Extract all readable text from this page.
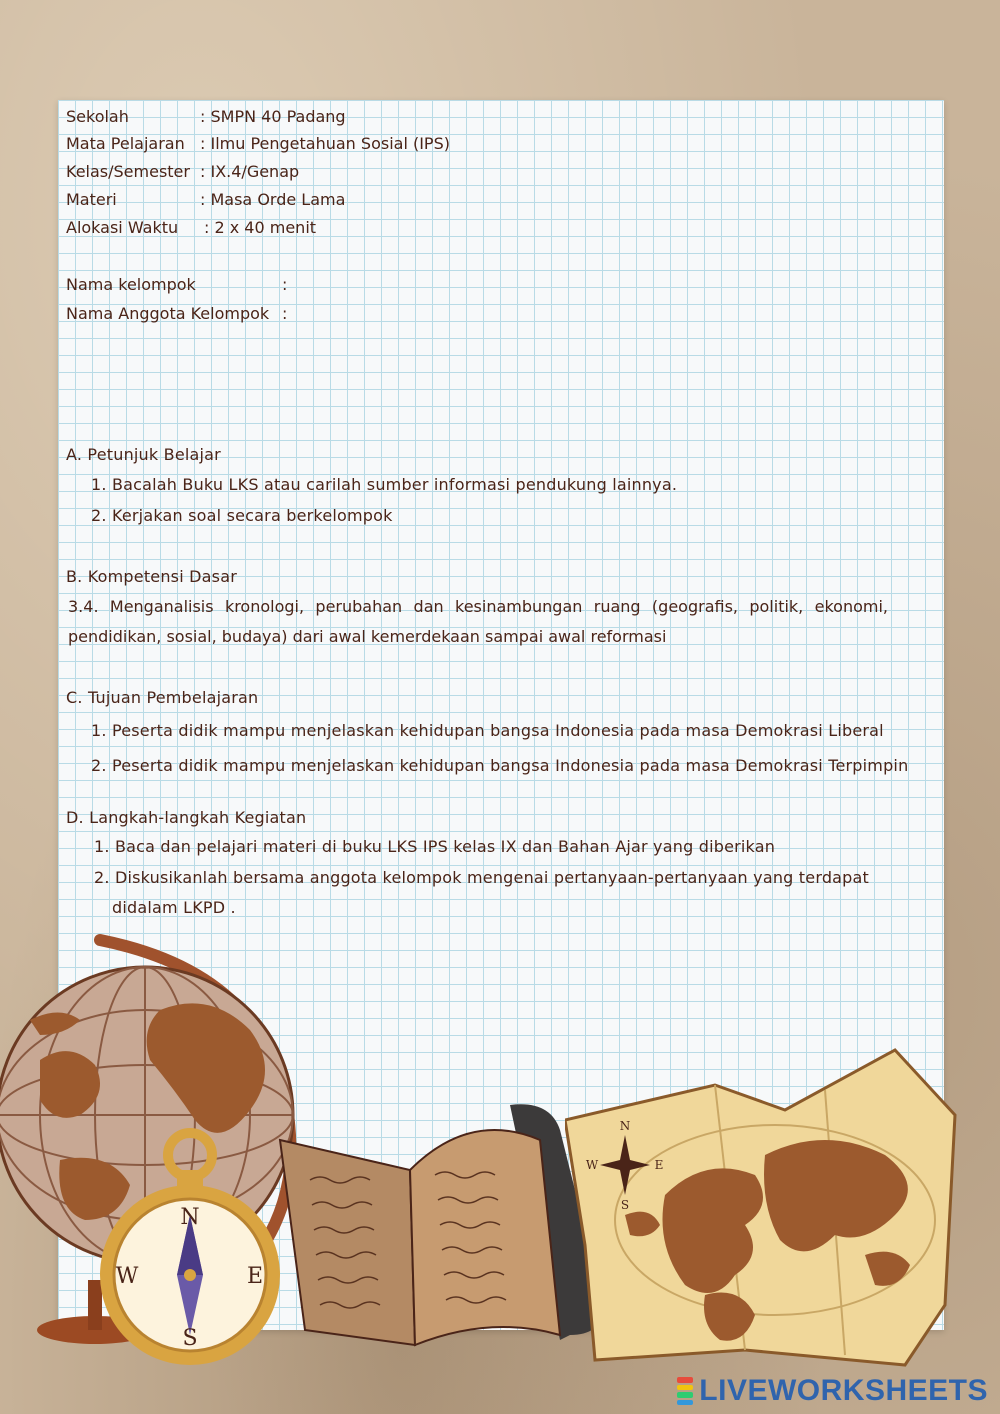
Sekolah	: SMPN 40 Padang
Mata Pelajaran : Ilmu Pengetahuan Sosial (IPS)
Kelas/Semester : IX.4/Genap
Materi	: Masa Orde Lama
Alokasi Waktu : 2 x 40 menit
Nama kelompok	:
Nama Anggota Kelompok :
A. Petunjuk Belajar
1. Bacalah Buku LKS atau carilah sumber informasi pendukung lainnya.
2. Kerjakan soal secara berkelompok
B. Kompetensi Dasar
3.4. Menganalisis kronologi, perubahan dan kesinambungan ruang (geografis, politik, ekonomi, pendidikan, sosial, budaya) dari awal kemerdekaan sampai awal reformasi
C. Tujuan Pembelajaran
1. Peserta didik mampu menjelaskan kehidupan bangsa Indonesia pada masa Demokrasi Liberal
2. Peserta didik mampu menjelaskan kehidupan bangsa Indonesia pada masa Demokrasi Terpimpin
D. Langkah-langkah Kegiatan
1. Baca dan pelajari materi di buku LKS IPS kelas IX dan Bahan Ajar yang diberikan
2. Diskusikanlah bersama anggota kelompok mengenai pertanyaan-pertanyaan yang terdapat
didalam LKPD .
N
E
S
W
N
E
S
W
LIVEWORKSHEETS
